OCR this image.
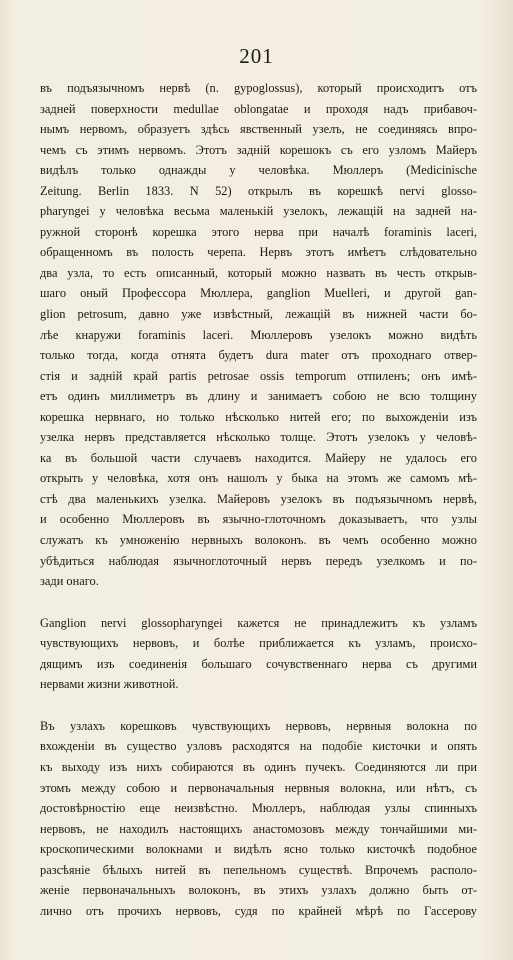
201

въ подъязычномъ нервѣ (n. gypoglossus), который происходитъ отъ

задней поверхности medullae oblongatae и проходя надъ прибавоч-

нымъ нервомъ, образуетъ здѣсь явственный узелъ, не соединяясь впро-

чемъ съ этимъ нервомъ. Этотъ задній корешокъ съ его узломъ Майеръ

видѣлъ только однажды у человѣка. Мюллеръ (Medicinische

Zeitung. Berlin 1833. N 52) открылъ въ корешкѣ nervi glosso-

pharyngei у человѣка весьма маленькій узелокъ, лежащій на задней на-

ружной сторонѣ корешка этого нерва при началѣ foraminis laceri,

обращенномъ въ полость черепа. Нервъ этотъ имѣетъ слѣдовательно

два узла, то есть описанный, который можно назвать въ честь открыв-

шаго оный Профессора Мюллера, ganglion Muelleri, и другой gan-

glion petrosum, давно уже извѣстный, лежащій въ нижней части бо-

лѣе кнаружи foraminis laceri. Мюллеровъ узелокъ можно видѣть

только тогда, когда отнята будетъ dura mater отъ проходнаго отвер-

стія и задній край partis petrosae ossis temporum отпиленъ; онъ имѣ-

етъ одинъ миллиметръ въ длину и занимаетъ собою не всю толщину

корешка нервнаго, но только нѣсколько нитей его; по выхожденіи изъ

узелка нервъ представляется нѣсколько толще. Этотъ узелокъ у человѣ-

ка въ большой части случаевъ находится. Майеру не удалось его

открыть у человѣка, хотя онъ нашолъ у быка на этомъ же самомъ мѣ-

стѣ два маленькихъ узелка. Майеровъ узелокъ въ подъязычномъ нервѣ,

и особенно Мюллеровъ въ язычно-глоточномъ доказываетъ, что узлы

служатъ къ умноженію нервныхъ волоконъ. въ чемъ особенно можно

убѣдиться наблюдая язычноглоточный нервъ передъ узелкомъ и по-

зади онаго.

Ganglion nervi glossopharyngei кажется не принадлежитъ къ узламъ

чувствующихъ нервовъ, и болѣе приближается къ узламъ, происхо-

дящимъ изъ соединенія большаго сочувственнаго нерва съ другими

нервами жизни животной.

Въ узлахъ корешковъ чувствующихъ нервовъ, нервныя волокна по

вхожденіи въ существо узловъ расходятся на подобіе кисточки и опять

къ выходу изъ нихъ собираются въ одинъ пучекъ. Соединяются ли при

этомъ между собою и первоначальныя нервныя волокна, или нѣтъ, съ

достовѣрностію еще неизвѣстно. Мюллеръ, наблюдая узлы спинныхъ

нервовъ, не находилъ настоящихъ анастомозовъ между тончайшими ми-

кроскопическими волокнами и видѣлъ ясно только кисточкѣ подобное

разсѣяніе бѣлыхъ нитей въ пепельномъ существѣ. Впрочемъ располо-

женіе первоначальныхъ волоконъ, въ этихъ узлахъ должно быть от-

лично отъ прочихъ нервовъ, судя по крайней мѣрѣ по Гассерову
